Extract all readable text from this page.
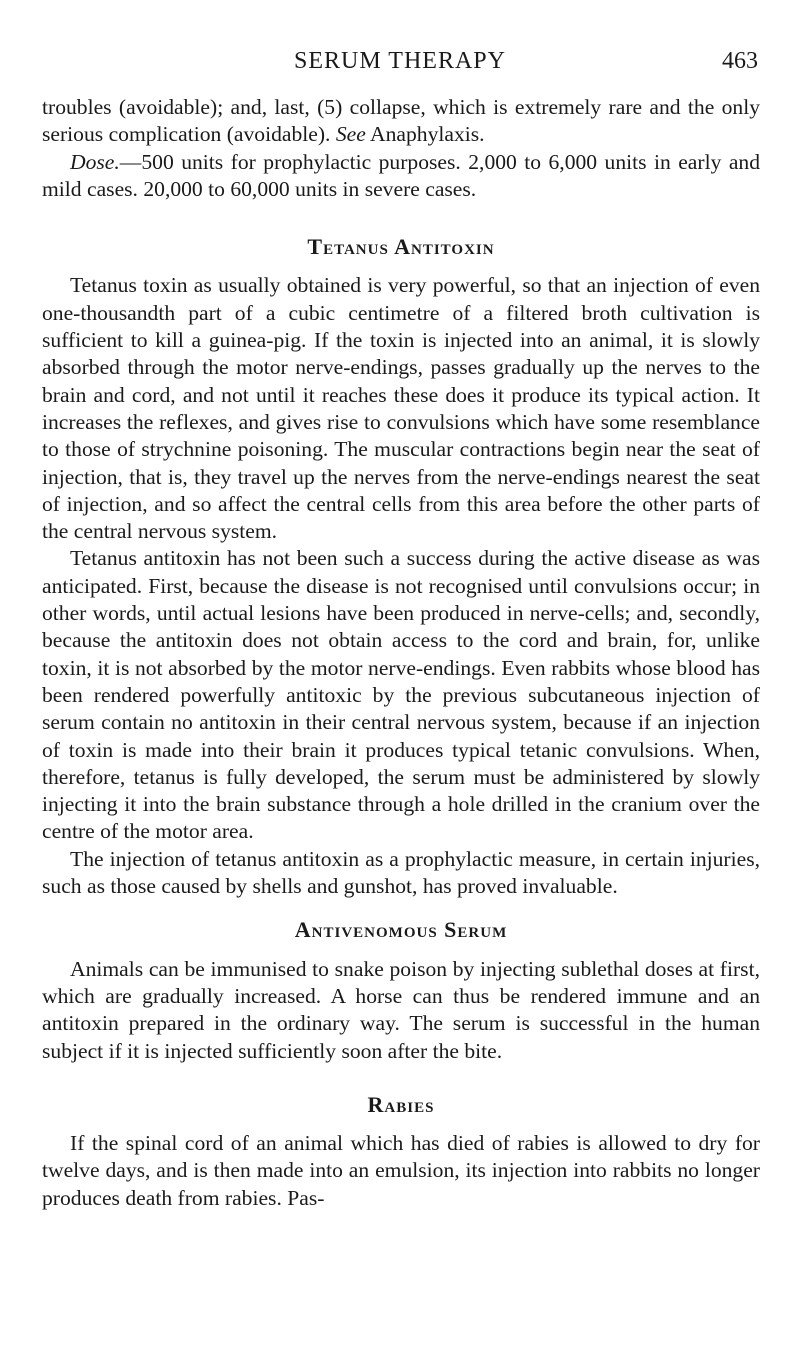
SERUM THERAPY	463

troubles (avoidable); and, last, (5) collapse, which is extremely rare and the only serious complication (avoidable). See Anaphylaxis.

Dose.—500 units for prophylactic purposes. 2,000 to 6,000 units in early and mild cases. 20,000 to 60,000 units in severe cases.

Tetanus Antitoxin

Tetanus toxin as usually obtained is very powerful, so that an injection of even one-thousandth part of a cubic centimetre of a filtered broth cultivation is sufficient to kill a guinea-pig. If the toxin is injected into an animal, it is slowly absorbed through the motor nerve-endings, passes gradually up the nerves to the brain and cord, and not until it reaches these does it produce its typical action. It increases the reflexes, and gives rise to convulsions which have some resemblance to those of strychnine poisoning. The muscular contractions begin near the seat of injection, that is, they travel up the nerves from the nerve-endings nearest the seat of injection, and so affect the central cells from this area before the other parts of the central nervous system.

Tetanus antitoxin has not been such a success during the active disease as was anticipated. First, because the disease is not recognised until convulsions occur; in other words, until actual lesions have been produced in nerve-cells; and, secondly, because the antitoxin does not obtain access to the cord and brain, for, unlike toxin, it is not absorbed by the motor nerve-endings. Even rabbits whose blood has been rendered powerfully antitoxic by the previous subcutaneous injection of serum contain no antitoxin in their central nervous system, because if an injection of toxin is made into their brain it produces typical tetanic convulsions. When, therefore, tetanus is fully developed, the serum must be administered by slowly injecting it into the brain substance through a hole drilled in the cranium over the centre of the motor area.

The injection of tetanus antitoxin as a prophylactic measure, in certain injuries, such as those caused by shells and gunshot, has proved invaluable.

Antivenomous Serum

Animals can be immunised to snake poison by injecting sublethal doses at first, which are gradually increased. A horse can thus be rendered immune and an antitoxin prepared in the ordinary way. The serum is successful in the human subject if it is injected sufficiently soon after the bite.

Rabies

If the spinal cord of an animal which has died of rabies is allowed to dry for twelve days, and is then made into an emulsion, its injection into rabbits no longer produces death from rabies. Pas-
